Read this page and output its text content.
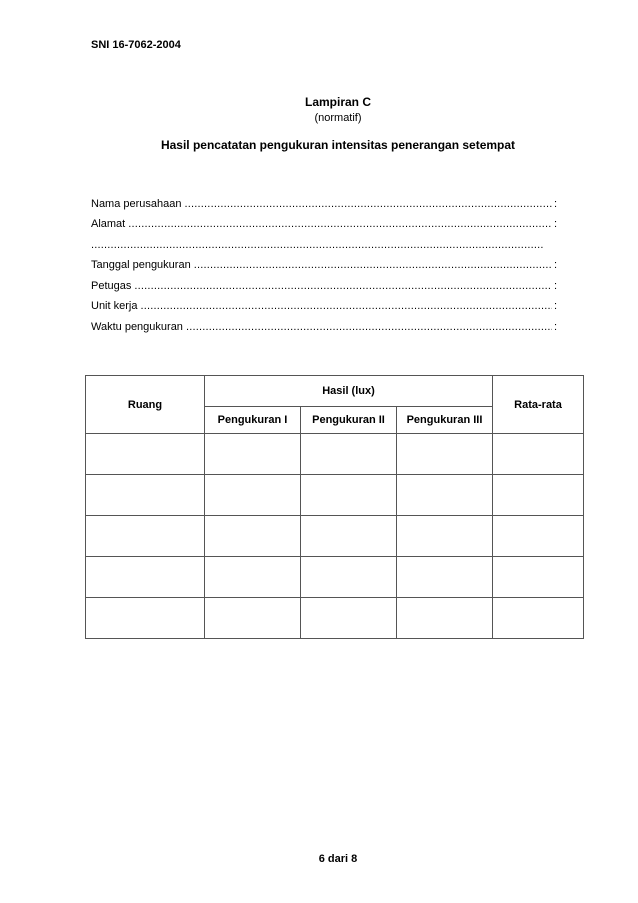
SNI 16-7062-2004
Lampiran C
(normatif)
Hasil pencatatan pengukuran intensitas penerangan setempat
Nama perusahaan .....	:
Alamat .....	:
.....
Tanggal pengukuran .....	:
Petugas .....	:
Unit kerja .....	:
Waktu pengukuran .....	:
Ruang	Hasil (lux)			Rata-rata
	Pengukuran I	Pengukuran II	Pengukuran III	

6 dari 8
